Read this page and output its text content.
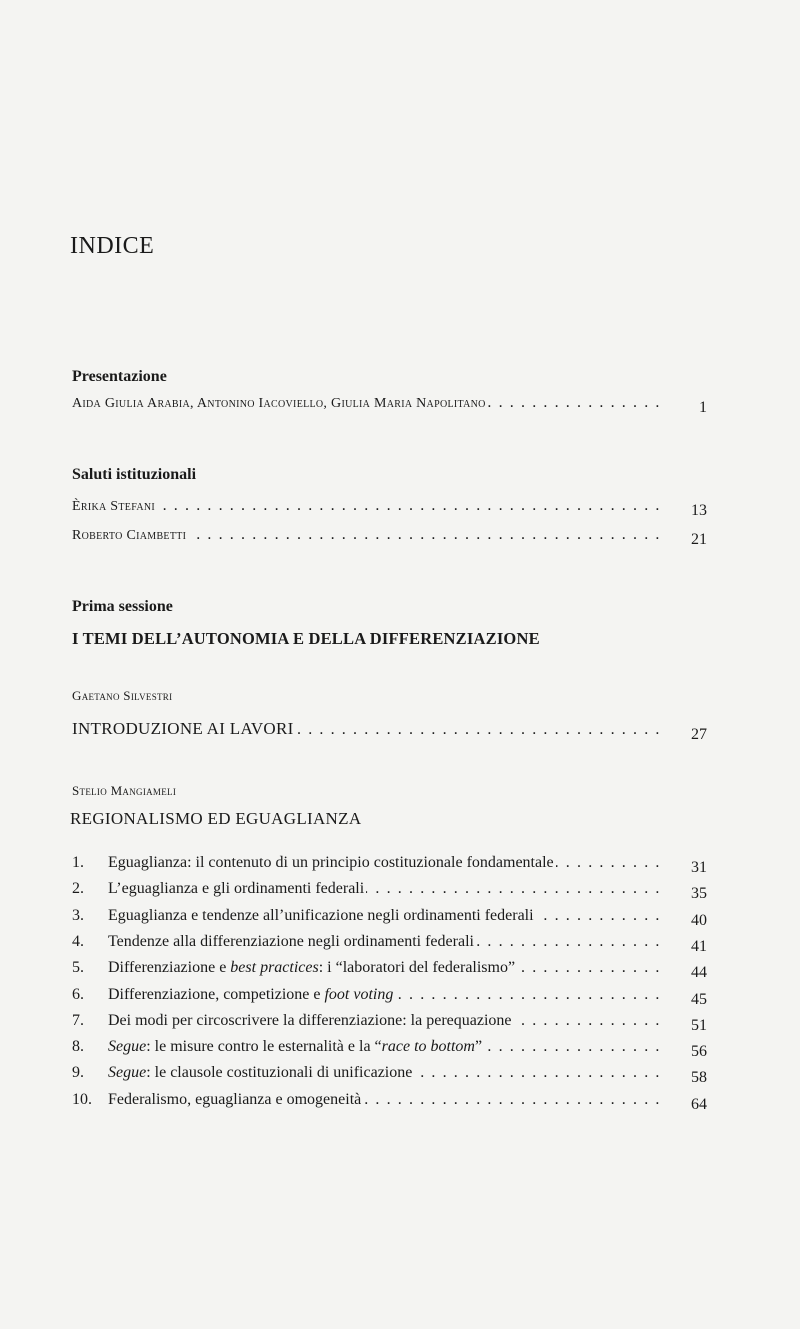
INDICE
Presentazione
Aida Giulia Arabia, Antonino Iacoviello, Giulia Maria Napolitano . . .	1
Saluti istituzionali
Èrika Stefani . . .	13
Roberto Ciambetti . . .	21
Prima sessione
I TEMI DELL’AUTONOMIA E DELLA DIFFERENZIAZIONE
Gaetano Silvestri
INTRODUZIONE AI LAVORI . . .	27
Stelio Mangiameli
REGIONALISMO ED EGUAGLIANZA
1.	Eguaglianza: il contenuto di un principio costituzionale fondamentale . . .	31
2.	L’eguaglianza e gli ordinamenti federali . . .	35
3.	Eguaglianza e tendenze all’unificazione negli ordinamenti federali . . .	40
4.	Tendenze alla differenziazione negli ordinamenti federali . . .	41
5.	Differenziazione e best practices: i “laboratori del federalismo” . . .	44
6.	Differenziazione, competizione e foot voting . . .	45
7.	Dei modi per circoscrivere la differenziazione: la perequazione . . .	51
8.	Segue: le misure contro le esternalità e la “race to bottom” . . .	56
9.	Segue: le clausole costituzionali di unificazione . . .	58
10.	Federalismo, eguaglianza e omogeneità . . .	64
